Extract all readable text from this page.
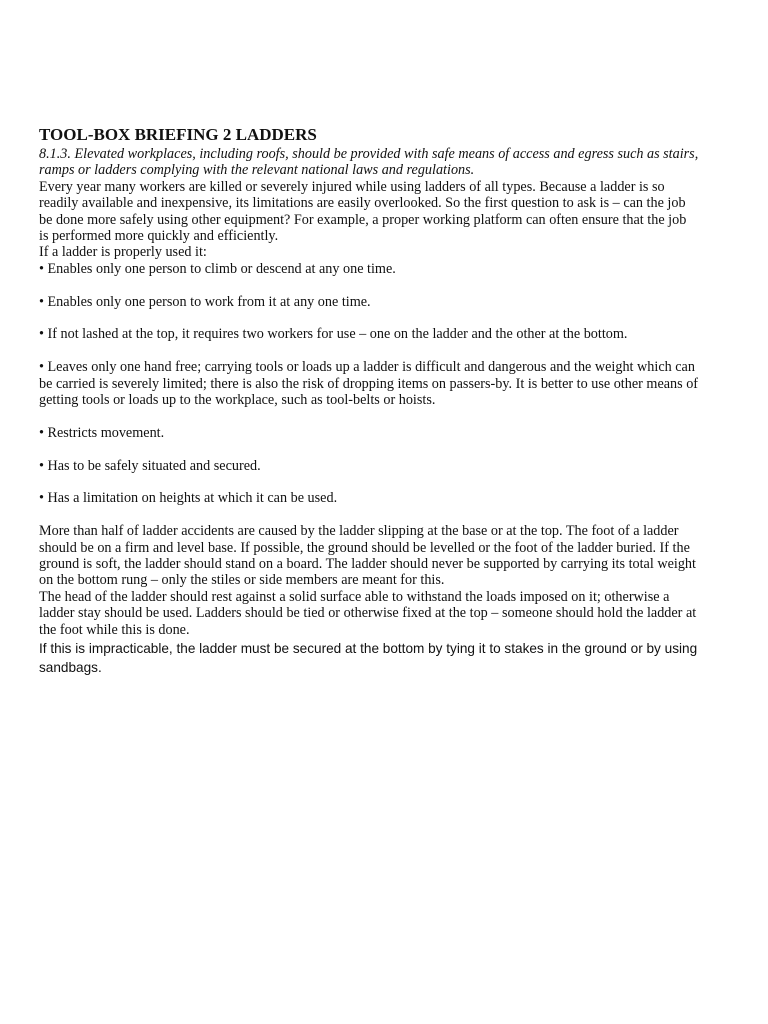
TOOL-BOX BRIEFING 2 LADDERS

8.1.3. Elevated workplaces, including roofs, should be provided with safe means of access and egress such as stairs, ramps or ladders complying with the relevant national laws and regulations.

Every year many workers are killed or severely injured while using ladders of all types. Because a ladder is so readily available and inexpensive, its limitations are easily overlooked. So the first question to ask is – can the job be done more safely using other equipment? For example, a proper working platform can often ensure that the job is performed more quickly and efficiently.

If a ladder is properly used it:

• Enables only one person to climb or descend at any one time.

• Enables only one person to work from it at any one time.

• If not lashed at the top, it requires two workers for use – one on the ladder and the other at the bottom.

• Leaves only one hand free; carrying tools or loads up a ladder is difficult and dangerous and the weight which can be carried is severely limited; there is also the risk of dropping items on passers-by. It is better to use other means of getting tools or loads up to the workplace, such as tool-belts or hoists.

• Restricts movement.

• Has to be safely situated and secured.

• Has a limitation on heights at which it can be used.

More than half of ladder accidents are caused by the ladder slipping at the base or at the top. The foot of a ladder should be on a firm and level base. If possible, the ground should be levelled or the foot of the ladder buried. If the ground is soft, the ladder should stand on a board. The ladder should never be supported by carrying its total weight on the bottom rung – only the stiles or side members are meant for this.

The head of the ladder should rest against a solid surface able to withstand the loads imposed on it; otherwise a ladder stay should be used. Ladders should be tied or otherwise fixed at the top – someone should hold the ladder at the foot while this is done.

If this is impracticable, the ladder must be secured at the bottom by tying it to stakes in the ground or by using sandbags.
